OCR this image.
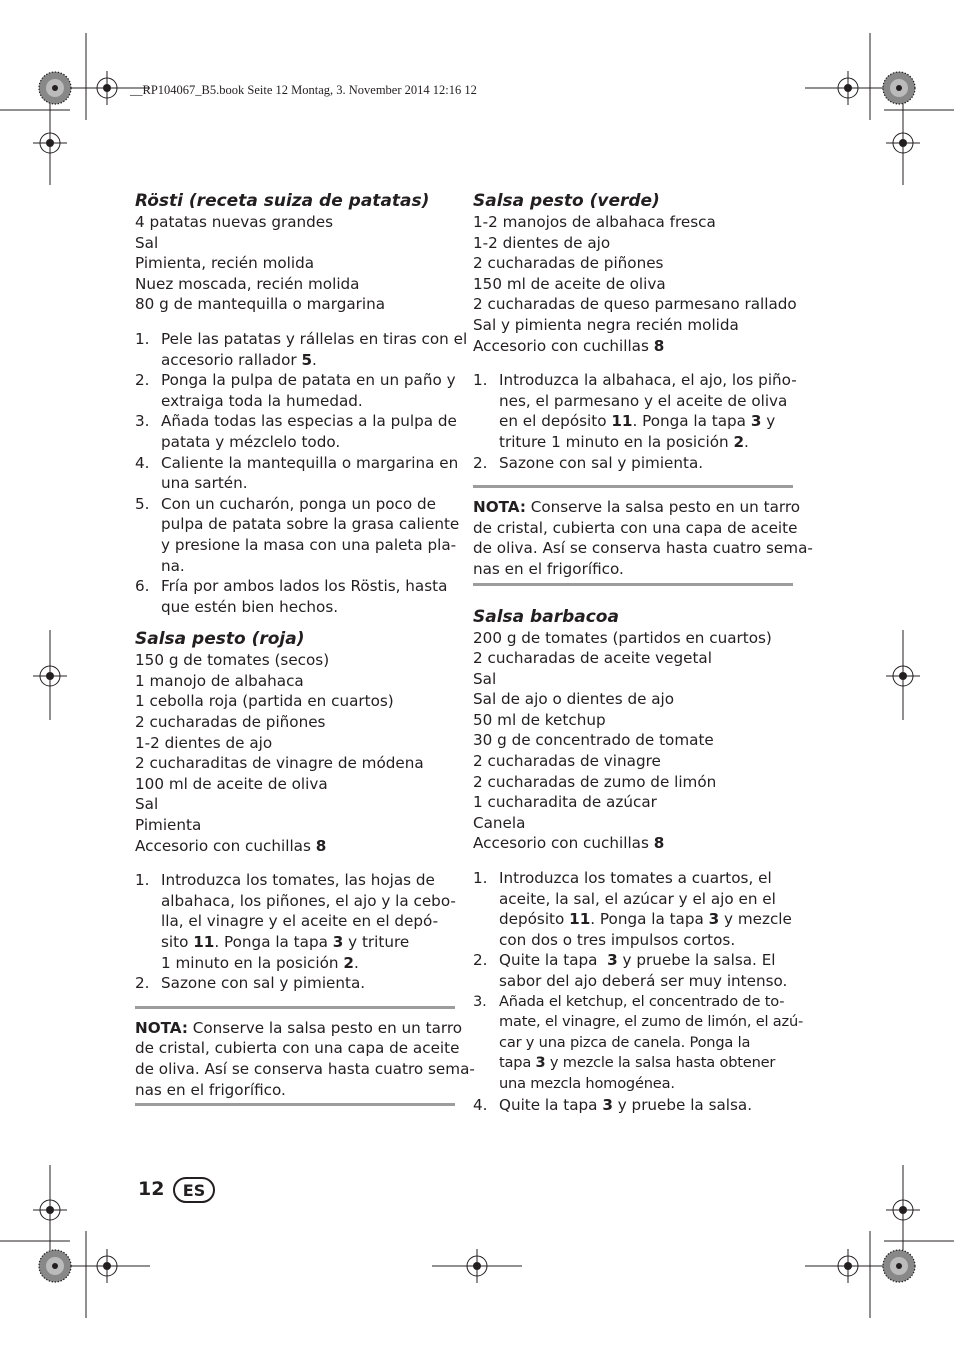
__RP104067_B5.book Seite 12 Montag, 3. November 2014 12:16 12
Rösti (receta suiza de patatas)
4 patatas nuevas grandes
Sal
Pimienta, recién molida
Nuez moscada, recién molida
80 g de mantequilla o margarina
1. Pele las patatas y rállelas en tiras con el
accesorio rallador 5.
2. Ponga la pulpa de patata en un paño y
extraiga toda la humedad.
3. Añada todas las especias a la pulpa de
patata y mézclelo todo.
4. Caliente la mantequilla o margarina en
una sartén.
5. Con un cucharón, ponga un poco de
pulpa de patata sobre la grasa caliente
y presione la masa con una paleta pla-
na.
6. Fría por ambos lados los Röstis, hasta
que estén bien hechos.
Salsa pesto (roja)
150 g de tomates (secos)
1 manojo de albahaca
1 cebolla roja (partida en cuartos)
2 cucharadas de piñones
1-2 dientes de ajo
2 cucharaditas de vinagre de módena
100 ml de aceite de oliva
Sal
Pimienta
Accesorio con cuchillas 8
1. Introduzca los tomates, las hojas de
albahaca, los piñones, el ajo y la cebo-
lla, el vinagre y el aceite en el depó-
sito 11. Ponga la tapa 3 y triture
1 minuto en la posición 2.
2. Sazone con sal y pimienta.
NOTA: Conserve la salsa pesto en un tarro
de cristal, cubierta con una capa de aceite
de oliva. Así se conserva hasta cuatro sema-
nas en el frigorífico.
Salsa pesto (verde)
1-2 manojos de albahaca fresca
1-2 dientes de ajo
2 cucharadas de piñones
150 ml de aceite de oliva
2 cucharadas de queso parmesano rallado
Sal y pimienta negra recién molida
Accesorio con cuchillas 8
1. Introduzca la albahaca, el ajo, los piño-
nes, el parmesano y el aceite de oliva
en el depósito 11. Ponga la tapa 3 y
triture 1 minuto en la posición 2.
2. Sazone con sal y pimienta.
NOTA: Conserve la salsa pesto en un tarro
de cristal, cubierta con una capa de aceite
de oliva. Así se conserva hasta cuatro sema-
nas en el frigorífico.
Salsa barbacoa
200 g de tomates (partidos en cuartos)
2 cucharadas de aceite vegetal
Sal
Sal de ajo o dientes de ajo
50 ml de ketchup
30 g de concentrado de tomate
2 cucharadas de vinagre
2 cucharadas de zumo de limón
1 cucharadita de azúcar
Canela
Accesorio con cuchillas 8
1. Introduzca los tomates a cuartos, el
aceite, la sal, el azúcar y el ajo en el
depósito 11. Ponga la tapa 3 y mezcle
con dos o tres impulsos cortos.
2. Quite la tapa  3 y pruebe la salsa. El
sabor del ajo deberá ser muy intenso.
3. Añada el ketchup, el concentrado de to-
mate, el vinagre, el zumo de limón, el azú-
car y una pizca de canela. Ponga la
tapa 3 y mezcle la salsa hasta obtener
una mezcla homogénea.
4. Quite la tapa 3 y pruebe la salsa.
12	ES
